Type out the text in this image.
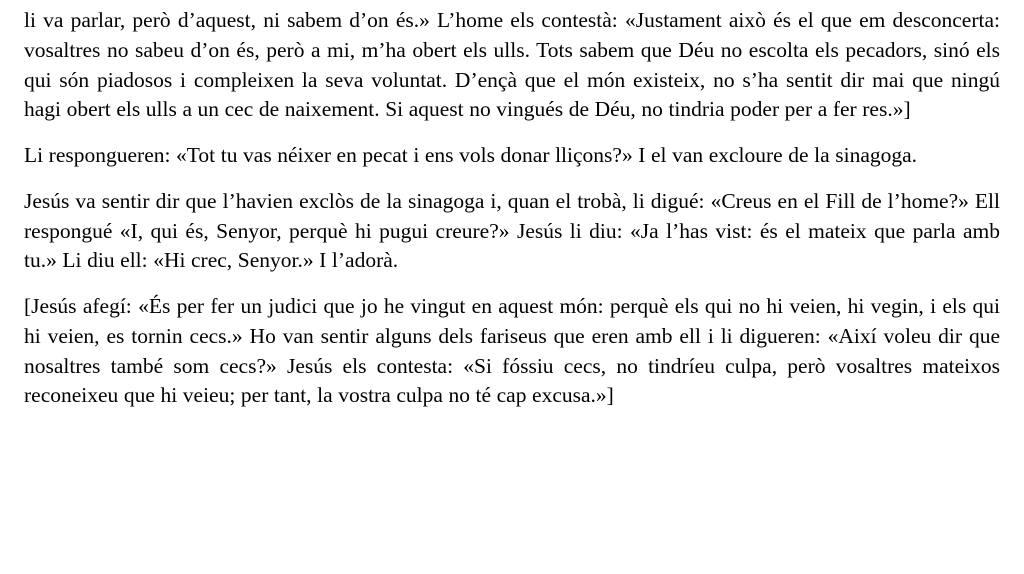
li va parlar, però d’aquest, ni sabem d’on és.» L’home els contestà: «Justament això és el que em desconcerta: vosaltres no sabeu d’on és, però a mi, m’ha obert els ulls. Tots sabem que Déu no escolta els pecadors, sinó els qui són piadosos i compleixen la seva voluntat. D’ençà que el món existeix, no s’ha sentit dir mai que ningú hagi obert els ulls a un cec de naixement. Si aquest no vingués de Déu, no tindria poder per a fer res.»]

Li respongueren: «Tot tu vas néixer en pecat i ens vols donar lliçons?» I el van excloure de la sinagoga.

Jesús va sentir dir que l’havien exclòs de la sinagoga i, quan el trobà, li digué: «Creus en el Fill de l’home?» Ell respongué «I, qui és, Senyor, perquè hi pugui creure?» Jesús li diu: «Ja l’has vist: és el mateix que parla amb tu.» Li diu ell: «Hi crec, Senyor.» I l’adorà.

[Jesús afegí: «És per fer un judici que jo he vingut en aquest món: perquè els qui no hi veien, hi vegin, i els qui hi veien, es tornin cecs.» Ho van sentir alguns dels fariseus que eren amb ell i li digueren: «Així voleu dir que nosaltres també som cecs?» Jesús els contesta: «Si fóssiu cecs, no tindríeu culpa, però vosaltres mateixos reconeixeu que hi veieu; per tant, la vostra culpa no té cap excusa.»]
